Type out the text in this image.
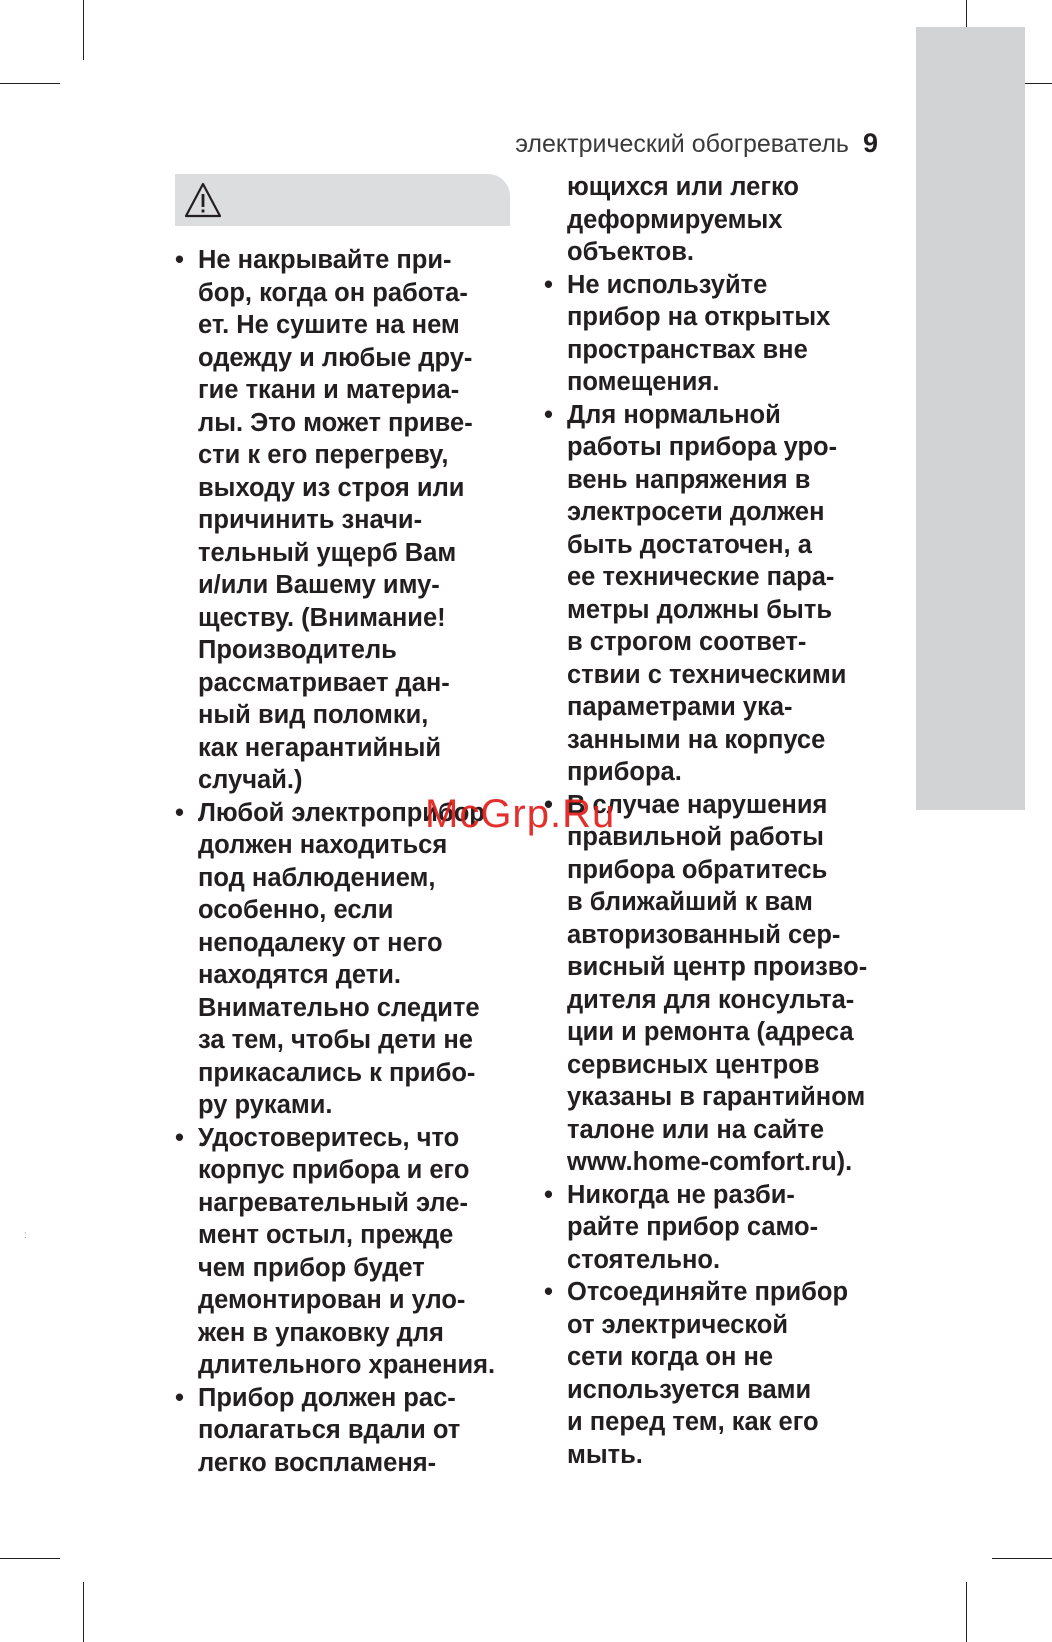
электрический обогреватель 9
• Не накрывайте при-
бор, когда он работа-
ет. Не сушите на нем
одежду и любые дру-
гие ткани и материа-
лы. Это может приве-
сти к его перегреву,
выходу из строя или
причинить значи-
тельный ущерб Вам
и/или Вашему иму-
ществу. (Внимание!
Производитель
рассматривает дан-
ный вид поломки,
как негарантийный
случай.)
• Любой электроприбор
должен находиться
под наблюдением,
особенно, если
неподалеку от него
находятся дети.
Внимательно следите
за тем, чтобы дети не
прикасались к прибо-
ру руками.
• Удостоверитесь, что
корпус прибора и его
нагревательный эле-
мент остыл, прежде
чем прибор будет
демонтирован и уло-
жен в упаковку для
длительного хранения.
• Прибор должен рас-
полагаться вдали от
легко воспламеня-
ющихся или легко
деформируемых
объектов.
• Не используйте
прибор на открытых
пространствах вне
помещения.
• Для нормальной
работы прибора уро-
вень напряжения в
электросети должен
быть достаточен, а
ее технические пара-
метры должны быть
в строгом соответ-
ствии с техническими
параметрами ука-
занными на корпусе
прибора.
• В случае нарушения
правильной работы
прибора обратитесь
в ближайший к вам
авторизованный сер-
висный центр произво-
дителя для консульта-
ции и ремонта (адреса
сервисных центров
указаны в гарантийном
талоне или на сайте
www.home-comfort.ru).
• Никогда не разби-
райте прибор само-
стоятельно.
• Отсоединяйте прибор
от электрической
сети когда он не
используется вами
и перед тем, как его
мыть.
McGrp.Ru
:
